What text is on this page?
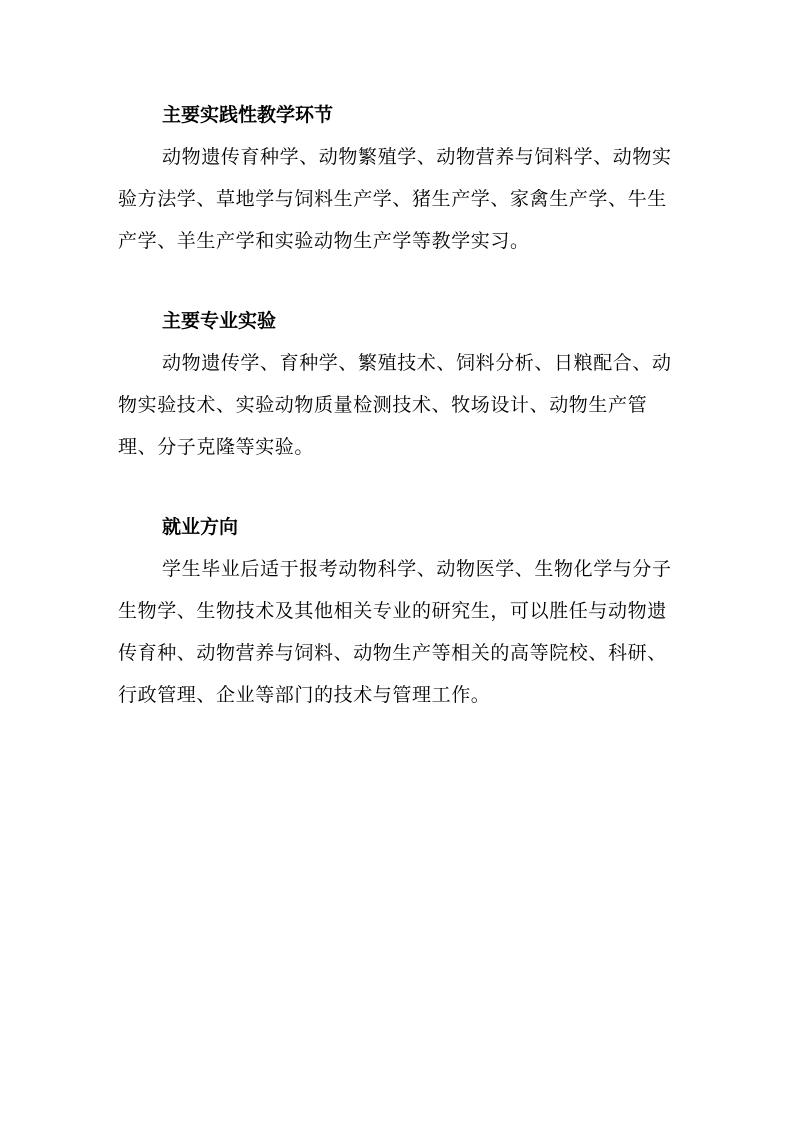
主要实践性教学环节

动物遗传育种学、动物繁殖学、动物营养与饲料学、动物实验方法学、草地学与饲料生产学、猪生产学、家禽生产学、牛生产学、羊生产学和实验动物生产学等教学实习。

主要专业实验

动物遗传学、育种学、繁殖技术、饲料分析、日粮配合、动物实验技术、实验动物质量检测技术、牧场设计、动物生产管理、分子克隆等实验。

就业方向

学生毕业后适于报考动物科学、动物医学、生物化学与分子生物学、生物技术及其他相关专业的研究生，可以胜任与动物遗传育种、动物营养与饲料、动物生产等相关的高等院校、科研、行政管理、企业等部门的技术与管理工作。
